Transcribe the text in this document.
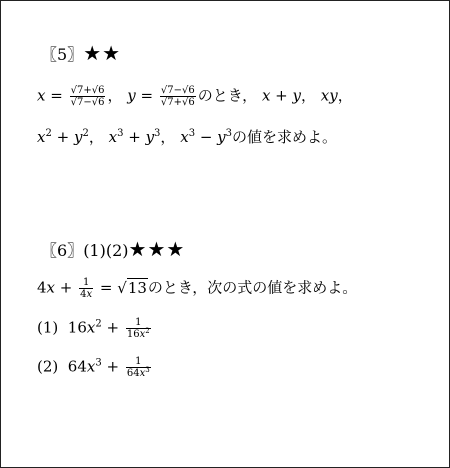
〖5〗★★
$x = \frac{√7+√6}{√7-√6}$ ， $y = \frac{√7-√6}{√7+√6}$ のとき， x + y， xy，
$x^2 + y^2$， $x^3 + y^3$， $x^3 - y^3$の値を求めよ。
〖6〗(1)(2)★★★
$4x + \frac{1}{4x} = √13$のとき，次の式の値を求めよ。
(1) $16x^2 + \frac{1}{16x^2}$
(2) $64x^3 + \frac{1}{64x^3}$
